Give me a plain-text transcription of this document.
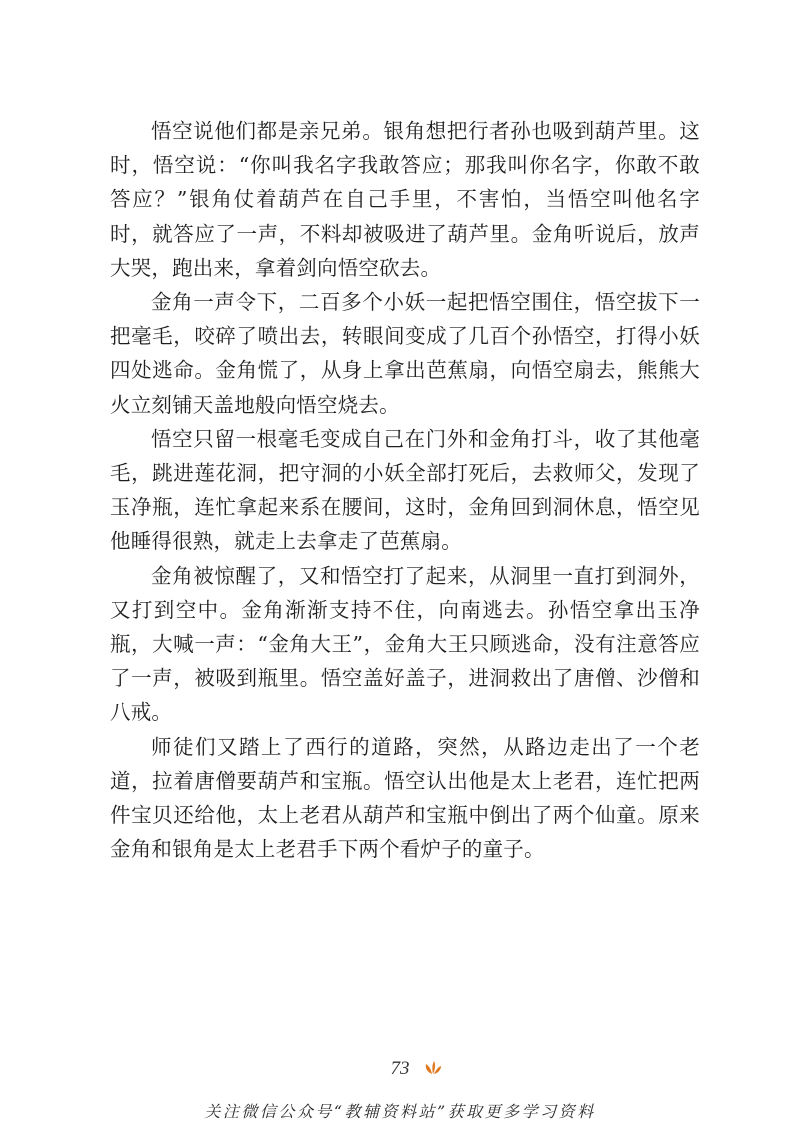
悟空说他们都是亲兄弟。银角想把行者孙也吸到葫芦里。这时，悟空说：“你叫我名字我敢答应；那我叫你名字，你敢不敢答应？”银角仗着葫芦在自己手里，不害怕，当悟空叫他名字时，就答应了一声，不料却被吸进了葫芦里。金角听说后，放声大哭，跑出来，拿着剑向悟空砍去。

金角一声令下，二百多个小妖一起把悟空围住，悟空拔下一把毫毛，咬碎了喷出去，转眼间变成了几百个孙悟空，打得小妖四处逃命。金角慌了，从身上拿出芭蕉扇，向悟空扇去，熊熊大火立刻铺天盖地般向悟空烧去。

悟空只留一根毫毛变成自己在门外和金角打斗，收了其他毫毛，跳进莲花洞，把守洞的小妖全部打死后，去救师父，发现了玉净瓶，连忙拿起来系在腰间，这时，金角回到洞休息，悟空见他睡得很熟，就走上去拿走了芭蕉扇。

金角被惊醒了，又和悟空打了起来，从洞里一直打到洞外，又打到空中。金角渐渐支持不住，向南逃去。孙悟空拿出玉净瓶，大喊一声：“金角大王”，金角大王只顾逃命，没有注意答应了一声，被吸到瓶里。悟空盖好盖子，进洞救出了唐僧、沙僧和八戒。

师徒们又踏上了西行的道路，突然，从路边走出了一个老道，拉着唐僧要葫芦和宝瓶。悟空认出他是太上老君，连忙把两件宝贝还给他，太上老君从葫芦和宝瓶中倒出了两个仙童。原来金角和银角是太上老君手下两个看炉子的童子。

73
关注微信公众号“教辅资料站”获取更多学习资料
